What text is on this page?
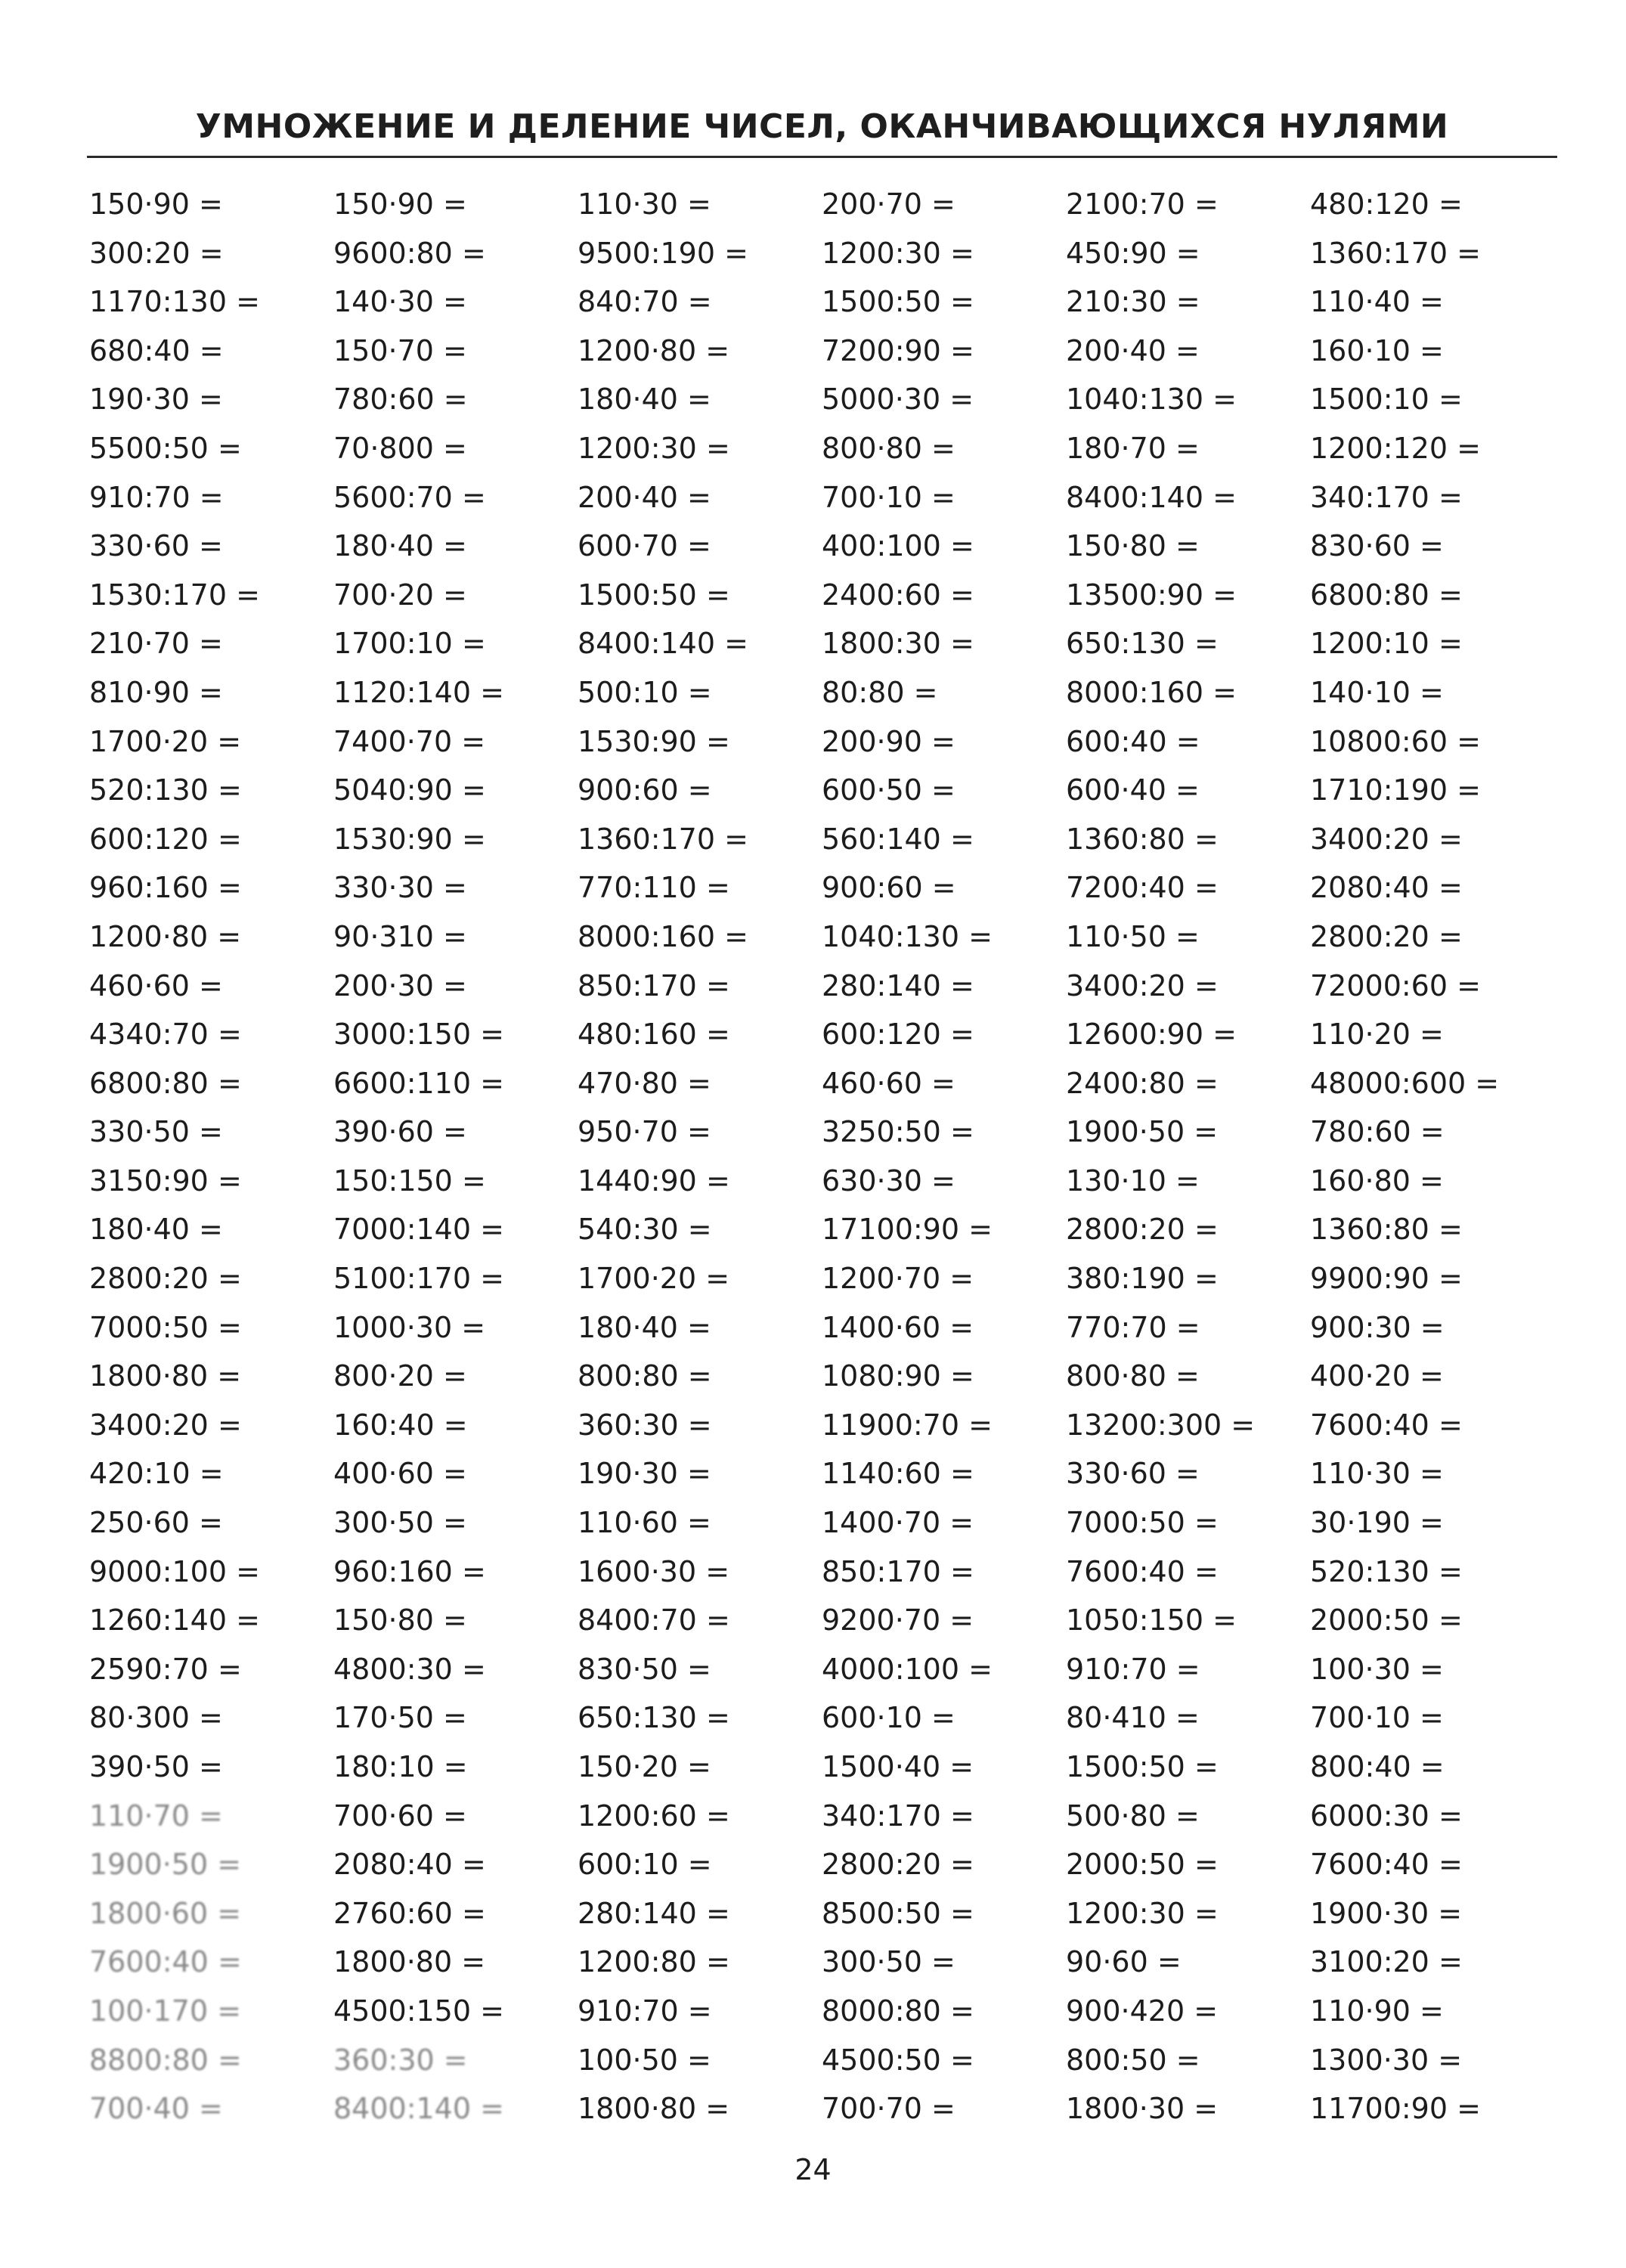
УМНОЖЕНИЕ И ДЕЛЕНИЕ ЧИСЕЛ, ОКАНЧИВАЮЩИХСЯ НУЛЯМИ
150·90 =
300:20 =
1170:130 =
680:40 =
190·30 =
5500:50 =
910:70 =
330·60 =
1530:170 =
210·70 =
810·90 =
1700·20 =
520:130 =
600:120 =
960:160 =
1200·80 =
460·60 =
4340:70 =
6800:80 =
330·50 =
3150:90 =
180·40 =
2800:20 =
7000:50 =
1800·80 =
3400:20 =
420:10 =
250·60 =
9000:100 =
1260:140 =
2590:70 =
80·300 =
390·50 =
110·70 =
1900·50 =
1800·60 =
7600:40 =
100·170 =
8800:80 =
700·40 =
150·90 =
9600:80 =
140·30 =
150·70 =
780:60 =
70·800 =
5600:70 =
180·40 =
700·20 =
1700:10 =
1120:140 =
7400·70 =
5040:90 =
1530:90 =
330·30 =
90·310 =
200·30 =
3000:150 =
6600:110 =
390·60 =
150:150 =
7000:140 =
5100:170 =
1000·30 =
800·20 =
160:40 =
400·60 =
300·50 =
960:160 =
150·80 =
4800:30 =
170·50 =
180:10 =
700·60 =
2080:40 =
2760:60 =
1800·80 =
4500:150 =
360:30 =
8400:140 =
110·30 =
9500:190 =
840:70 =
1200·80 =
180·40 =
1200:30 =
200·40 =
600·70 =
1500:50 =
8400:140 =
500:10 =
1530:90 =
900:60 =
1360:170 =
770:110 =
8000:160 =
850:170 =
480:160 =
470·80 =
950·70 =
1440:90 =
540:30 =
1700·20 =
180·40 =
800:80 =
360:30 =
190·30 =
110·60 =
1600·30 =
8400:70 =
830·50 =
650:130 =
150·20 =
1200:60 =
600:10 =
280:140 =
1200:80 =
910:70 =
100·50 =
1800·80 =
200·70 =
1200:30 =
1500:50 =
7200:90 =
5000·30 =
800·80 =
700·10 =
400:100 =
2400:60 =
1800:30 =
80:80 =
200·90 =
600·50 =
560:140 =
900:60 =
1040:130 =
280:140 =
600:120 =
460·60 =
3250:50 =
630·30 =
17100:90 =
1200·70 =
1400·60 =
1080:90 =
11900:70 =
1140:60 =
1400·70 =
850:170 =
9200·70 =
4000:100 =
600·10 =
1500·40 =
340:170 =
2800:20 =
8500:50 =
300·50 =
8000:80 =
4500:50 =
700·70 =
2100:70 =
450:90 =
210:30 =
200·40 =
1040:130 =
180·70 =
8400:140 =
150·80 =
13500:90 =
650:130 =
8000:160 =
600:40 =
600·40 =
1360:80 =
7200:40 =
110·50 =
3400:20 =
12600:90 =
2400:80 =
1900·50 =
130·10 =
2800:20 =
380:190 =
770:70 =
800·80 =
13200:300 =
330·60 =
7000:50 =
7600:40 =
1050:150 =
910:70 =
80·410 =
1500:50 =
500·80 =
2000:50 =
1200:30 =
90·60 =
900·420 =
800:50 =
1800·30 =
480:120 =
1360:170 =
110·40 =
160·10 =
1500:10 =
1200:120 =
340:170 =
830·60 =
6800:80 =
1200:10 =
140·10 =
10800:60 =
1710:190 =
3400:20 =
2080:40 =
2800:20 =
72000:60 =
110·20 =
48000:600 =
780:60 =
160·80 =
1360:80 =
9900:90 =
900:30 =
400·20 =
7600:40 =
110·30 =
30·190 =
520:130 =
2000:50 =
100·30 =
700·10 =
800:40 =
6000:30 =
7600:40 =
1900·30 =
3100:20 =
110·90 =
1300·30 =
11700:90 =
24
